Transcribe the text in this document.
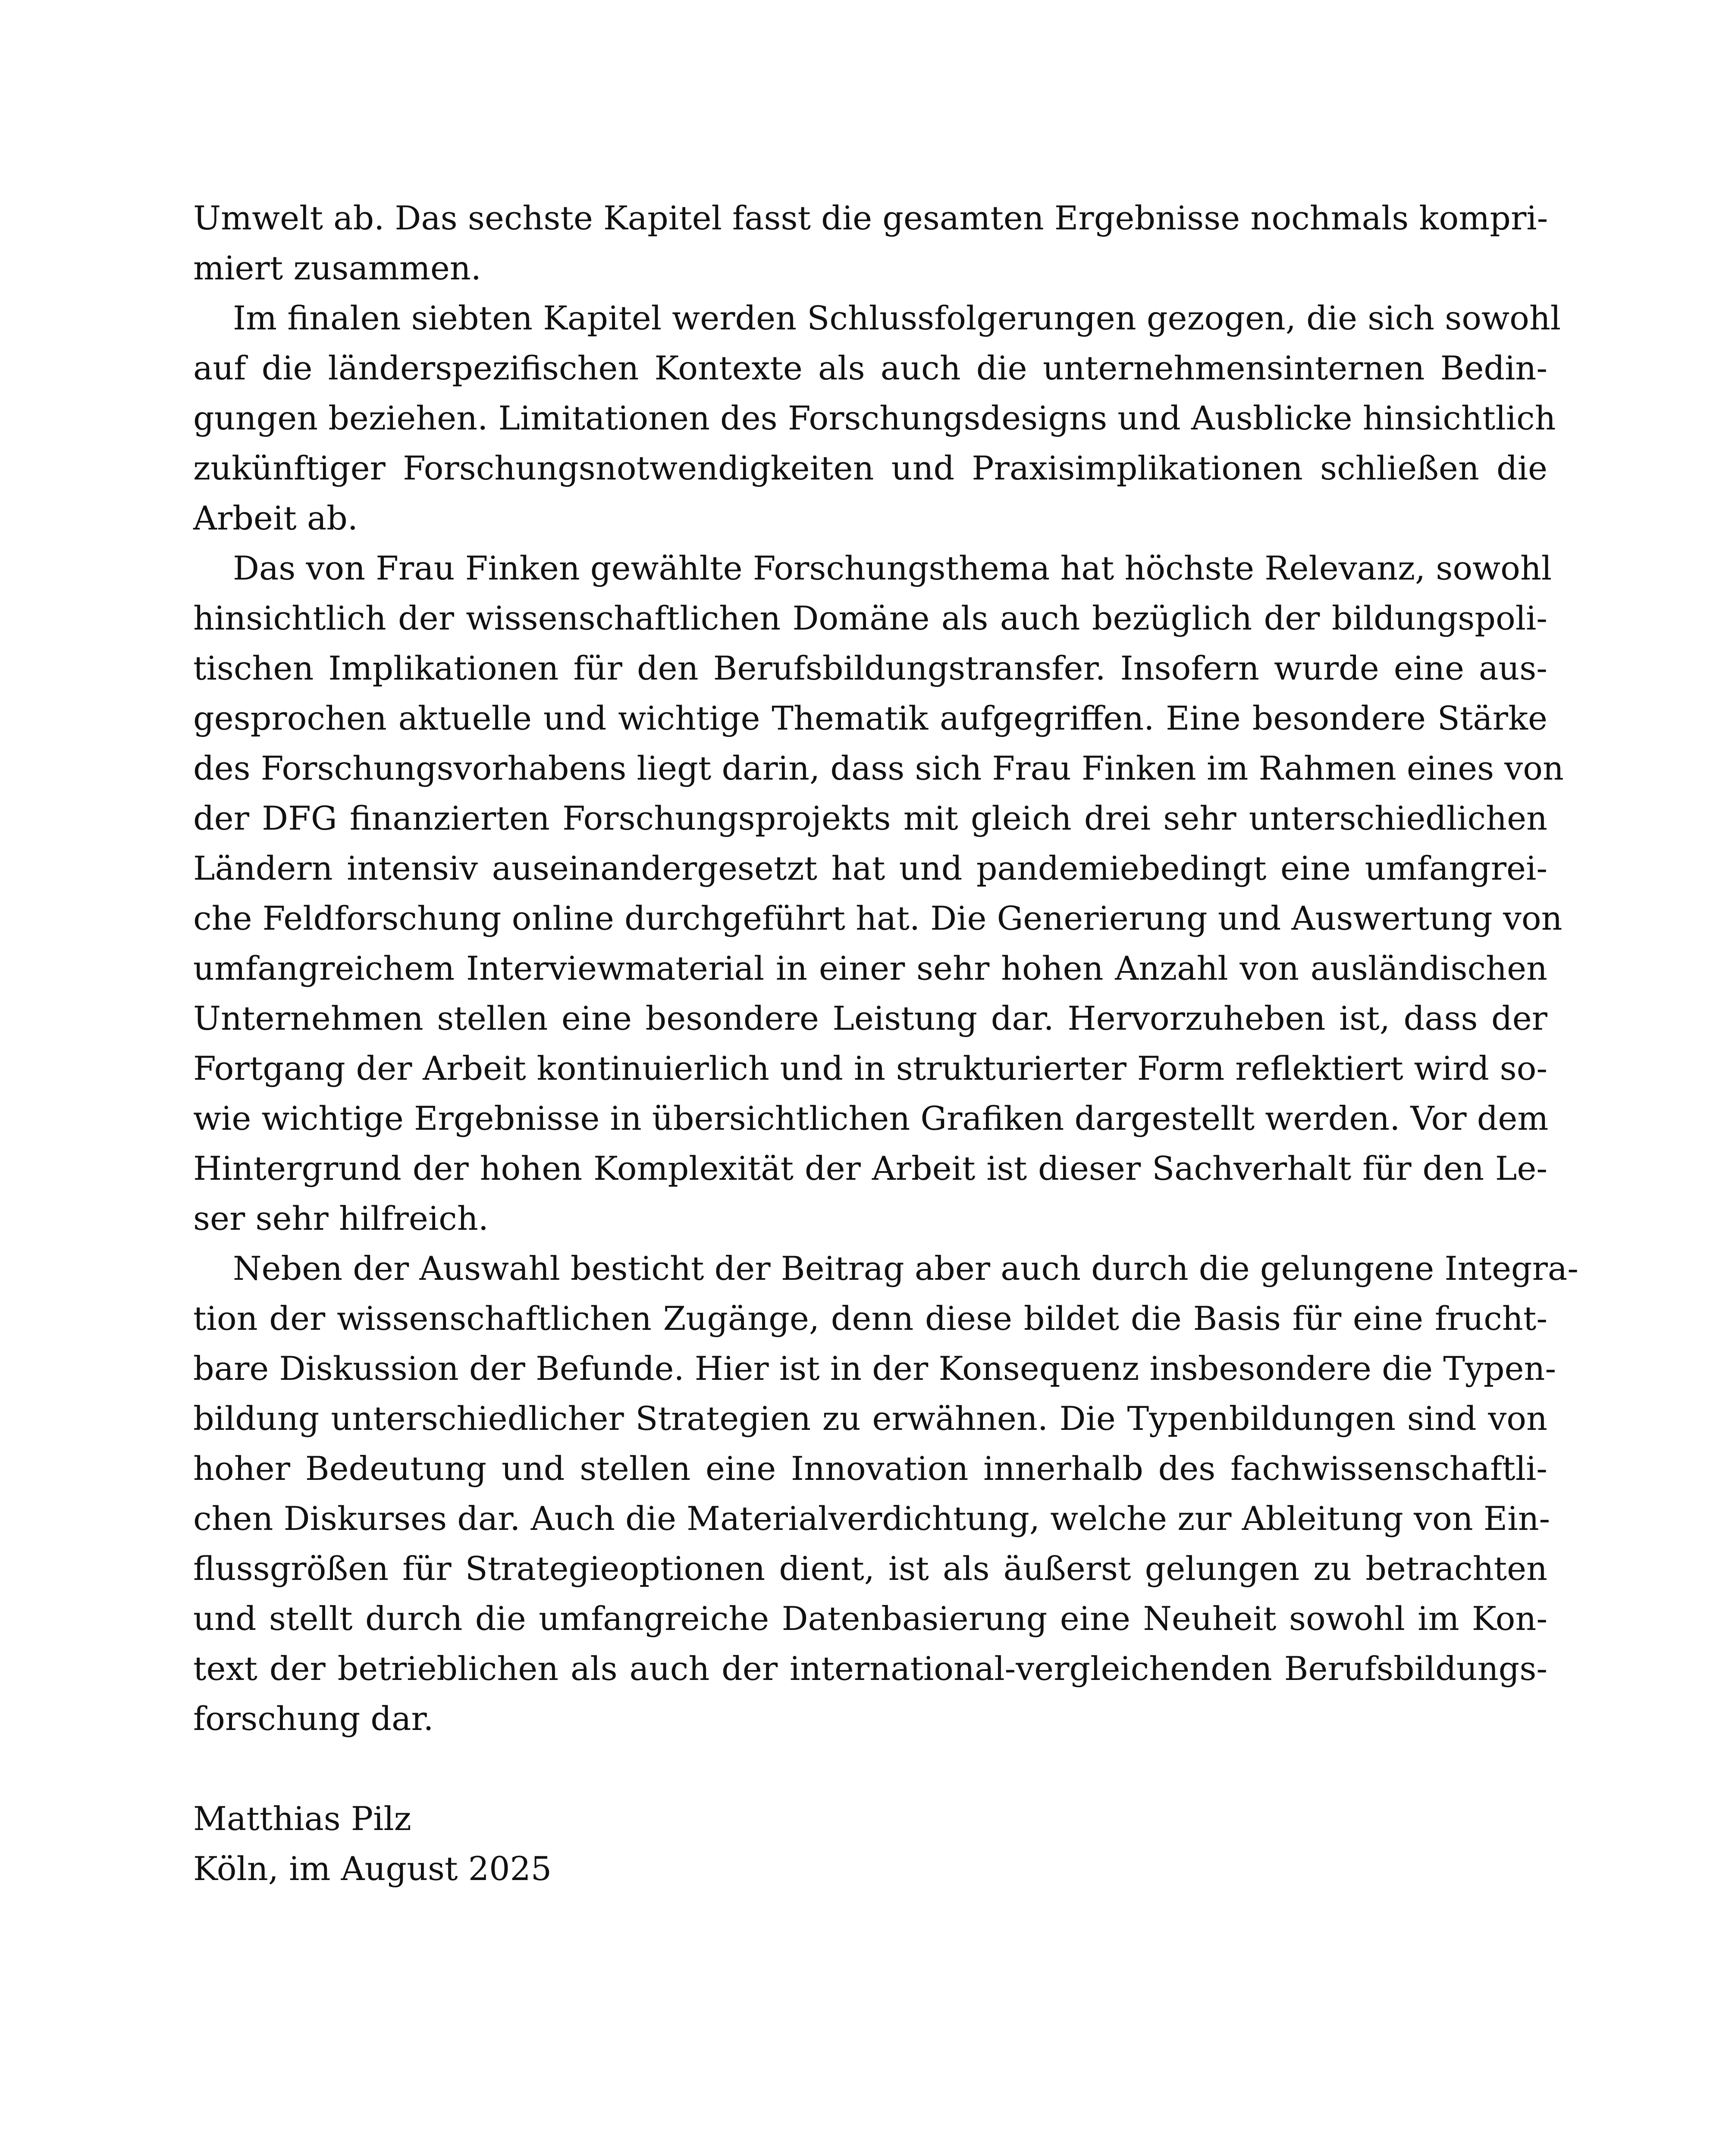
Umwelt ab. Das sechste Kapitel fasst die gesamten Ergebnisse nochmals kompri-
miert zusammen.
Im finalen siebten Kapitel werden Schlussfolgerungen gezogen, die sich sowohl
auf die länderspezifischen Kontexte als auch die unternehmensinternen Bedin-
gungen beziehen. Limitationen des Forschungsdesigns und Ausblicke hinsichtlich
zukünftiger Forschungsnotwendigkeiten und Praxisimplikationen schließen die
Arbeit ab.
Das von Frau Finken gewählte Forschungsthema hat höchste Relevanz, sowohl
hinsichtlich der wissenschaftlichen Domäne als auch bezüglich der bildungspoli-
tischen Implikationen für den Berufsbildungstransfer. Insofern wurde eine aus-
gesprochen aktuelle und wichtige Thematik aufgegriffen. Eine besondere Stärke
des Forschungsvorhabens liegt darin, dass sich Frau Finken im Rahmen eines von
der DFG finanzierten Forschungsprojekts mit gleich drei sehr unterschiedlichen
Ländern intensiv auseinandergesetzt hat und pandemiebedingt eine umfangrei-
che Feldforschung online durchgeführt hat. Die Generierung und Auswertung von
umfangreichem Interviewmaterial in einer sehr hohen Anzahl von ausländischen
Unternehmen stellen eine besondere Leistung dar. Hervorzuheben ist, dass der
Fortgang der Arbeit kontinuierlich und in strukturierter Form reflektiert wird so-
wie wichtige Ergebnisse in übersichtlichen Grafiken dargestellt werden. Vor dem
Hintergrund der hohen Komplexität der Arbeit ist dieser Sachverhalt für den Le-
ser sehr hilfreich.
Neben der Auswahl besticht der Beitrag aber auch durch die gelungene Integra-
tion der wissenschaftlichen Zugänge, denn diese bildet die Basis für eine frucht-
bare Diskussion der Befunde. Hier ist in der Konsequenz insbesondere die Typen-
bildung unterschiedlicher Strategien zu erwähnen. Die Typenbildungen sind von
hoher Bedeutung und stellen eine Innovation innerhalb des fachwissenschaftli-
chen Diskurses dar. Auch die Materialverdichtung, welche zur Ableitung von Ein-
flussgrößen für Strategieoptionen dient, ist als äußerst gelungen zu betrachten
und stellt durch die umfangreiche Datenbasierung eine Neuheit sowohl im Kon-
text der betrieblichen als auch der international-vergleichenden Berufsbildungs-
forschung dar.
Matthias Pilz
Köln, im August 2025
